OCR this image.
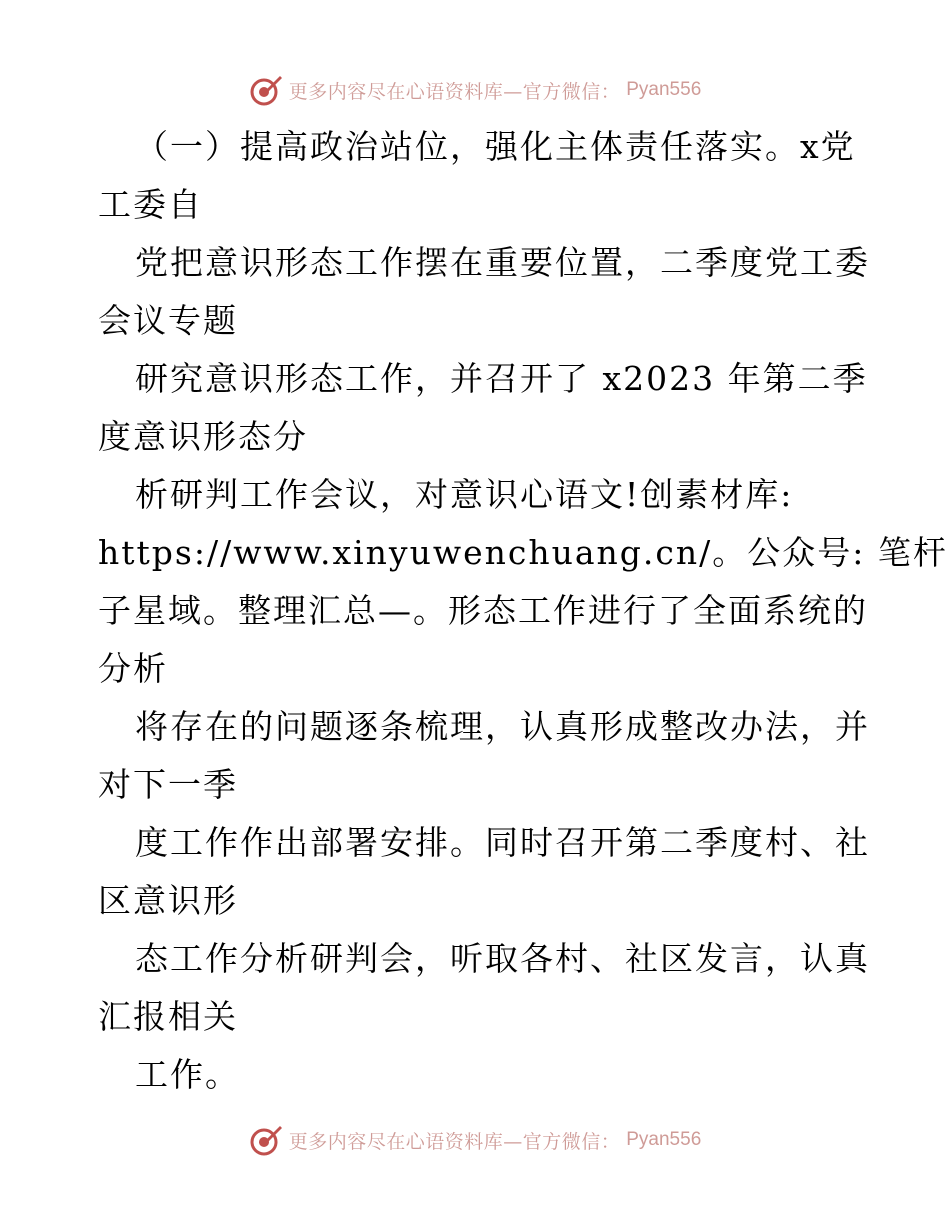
更多内容尽在心语资料库—官方微信： Pyan556
（一）提高政治站位，强化主体责任落实。x党
工委自
党把意识形态工作摆在重要位置，二季度党工委
会议专题
研究意识形态工作，并召开了 x2023 年第二季
度意识形态分
析研判工作会议，对意识心语文!创素材库:
https://www.xinyuwenchuang.cn/。公众号: 笔杆
子星域。整理汇总—。形态工作进行了全面系统的
分析
将存在的问题逐条梳理，认真形成整改办法，并
对下一季
度工作作出部署安排。同时召开第二季度村、社
区意识形
态工作分析研判会，听取各村、社区发言，认真
汇报相关
工作。
更多内容尽在心语资料库—官方微信： Pyan556
